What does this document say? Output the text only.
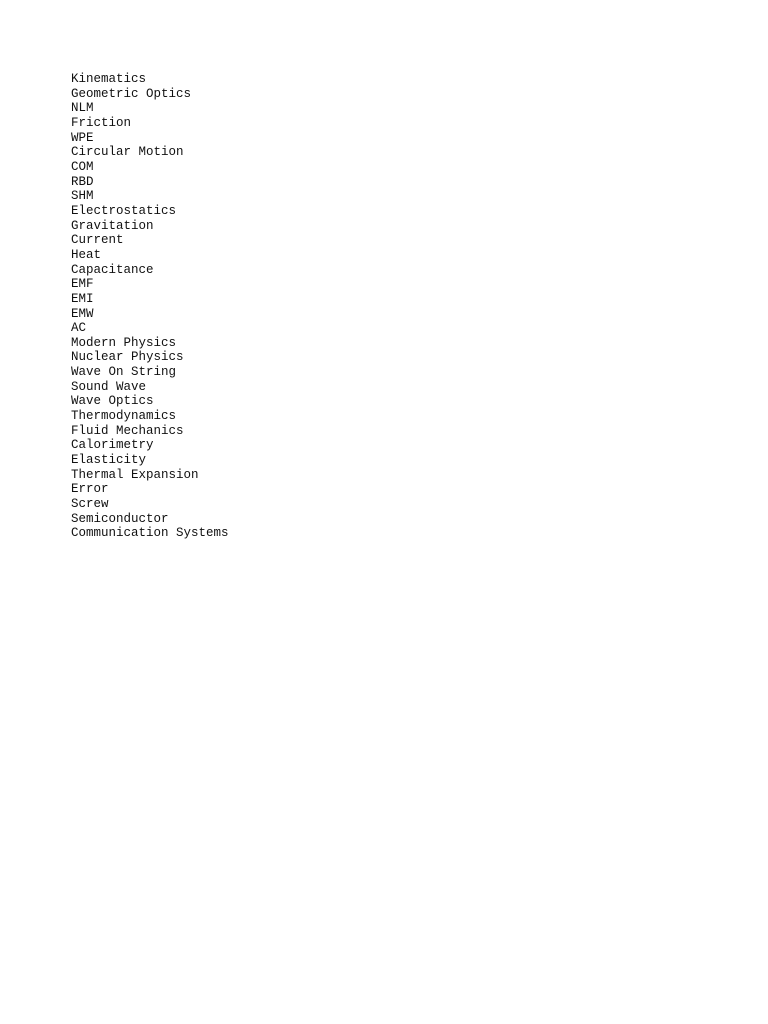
Kinematics
Geometric Optics
NLM
Friction
WPE
Circular Motion
COM
RBD
SHM
Electrostatics
Gravitation
Current
Heat
Capacitance
EMF
EMI
EMW
AC
Modern Physics
Nuclear Physics
Wave On String
Sound Wave
Wave Optics
Thermodynamics
Fluid Mechanics
Calorimetry
Elasticity
Thermal Expansion
Error
Screw
Semiconductor
Communication Systems
